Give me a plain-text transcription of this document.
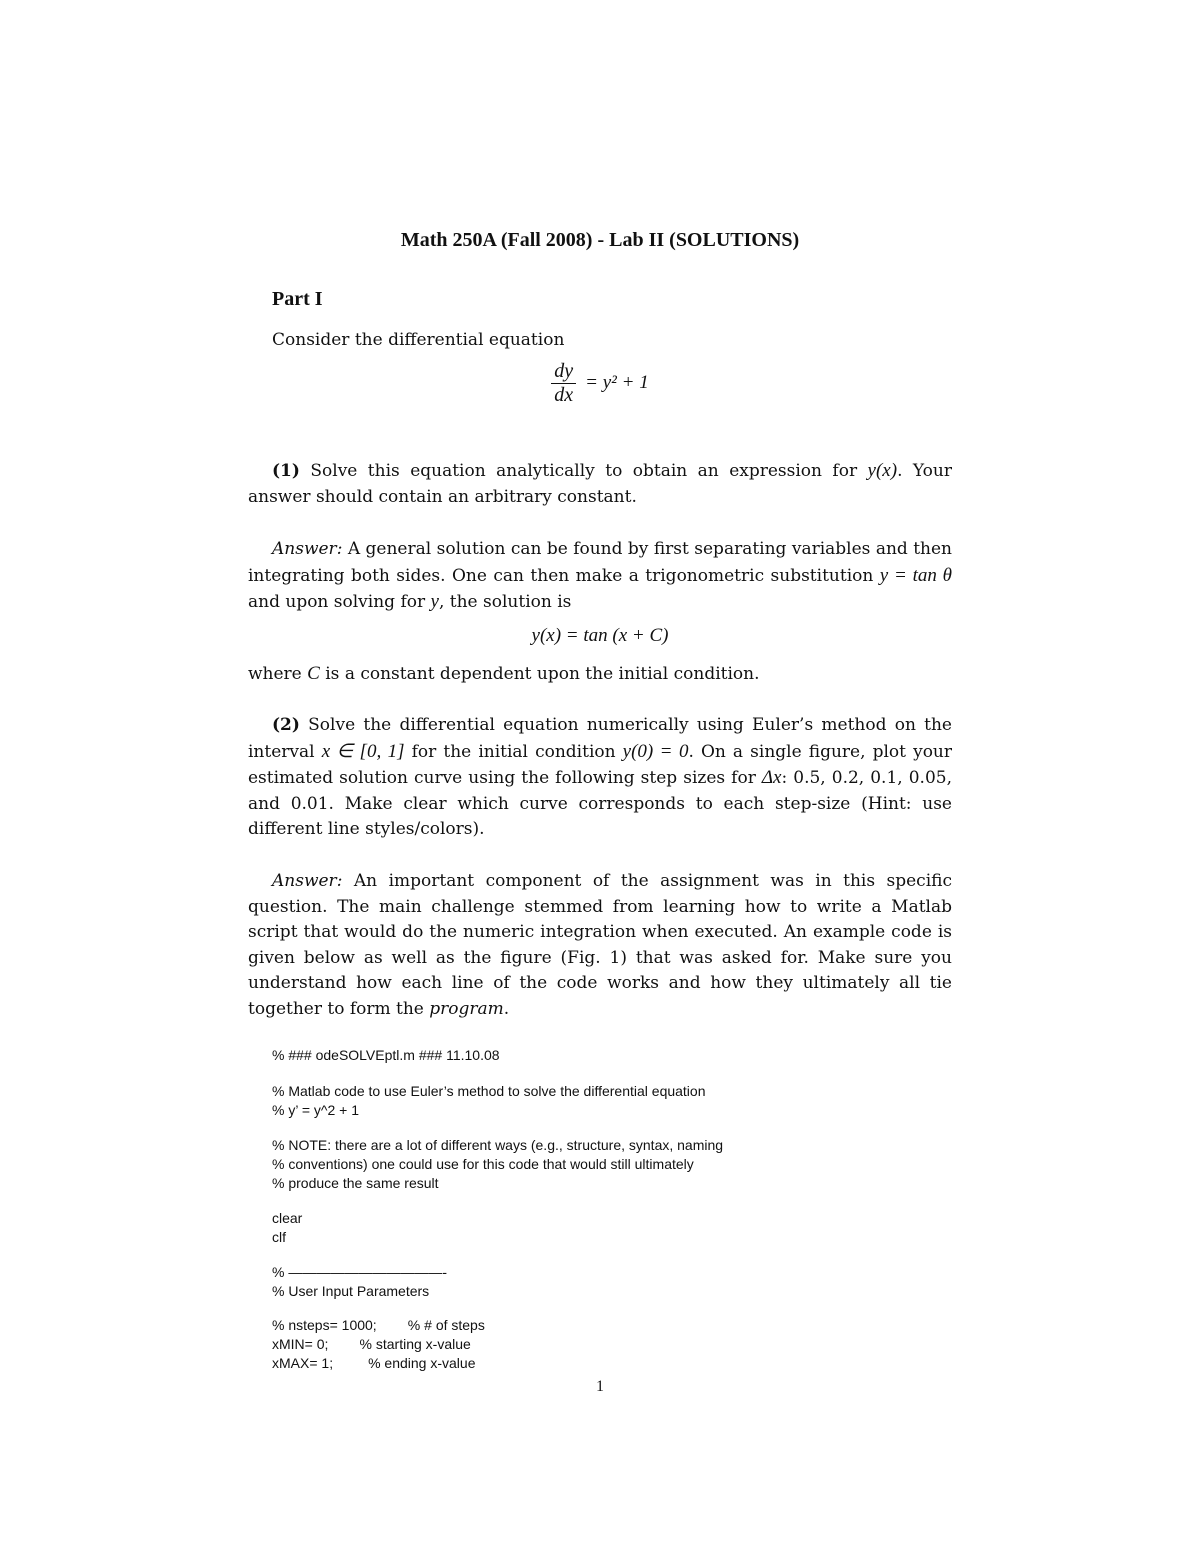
Math 250A (Fall 2008) - Lab II (SOLUTIONS)
Part I
Consider the differential equation
$\frac{dy}{dx} = y^2 + 1$
(1) Solve this equation analytically to obtain an expression for y(x). Your answer should contain an arbitrary constant.
Answer: A general solution can be found by first separating variables and then integrating both sides. One can then make a trigonometric substitution y = tan θ and upon solving for y, the solution is
y(x) = tan (x + C)
where C is a constant dependent upon the initial condition.
(2) Solve the differential equation numerically using Euler’s method on the interval x ∈ [0, 1] for the initial condition y(0) = 0. On a single figure, plot your estimated solution curve using the following step sizes for Δx: 0.5, 0.2, 0.1, 0.05, and 0.01. Make clear which curve corresponds to each step-size (Hint: use different line styles/colors).
Answer: An important component of the assignment was in this specific question. The main challenge stemmed from learning how to write a Matlab script that would do the numeric integration when executed. An example code is given below as well as the figure (Fig. 1) that was asked for. Make sure you understand how each line of the code works and how they ultimately all tie together to form the program.
% ### odeSOLVEptl.m ### 11.10.08
% Matlab code to use Euler’s method to solve the differential equation
% y’ = y^2 + 1
% NOTE: there are a lot of different ways (e.g., structure, syntax, naming
% conventions) one could use for this code that would still ultimately
% produce the same result
clear
clf
% ———————————-
% User Input Parameters
% nsteps= 1000;        % # of steps
xMIN= 0;        % starting x-value
xMAX= 1;         % ending x-value
1
